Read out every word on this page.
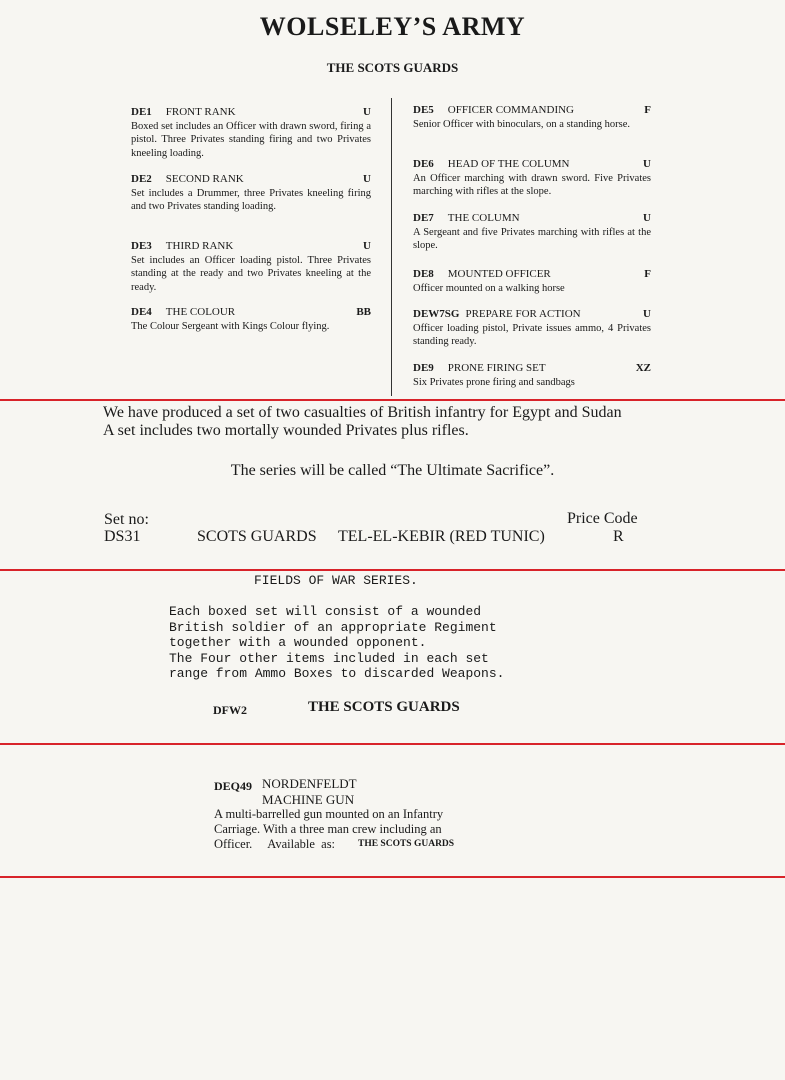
WOLSELEY’S ARMY
THE SCOTS GUARDS
DE1 FRONT RANK	U
Boxed set includes an Officer with drawn sword, firing a pistol. Three Privates standing firing and two Privates kneeling loading.
DE2 SECOND RANK	U
Set includes a Drummer, three Privates kneeling firing and two Privates standing loading.
DE3 THIRD RANK	U
Set includes an Officer loading pistol. Three Privates standing at the ready and two Privates kneeling at the ready.
DE4 THE COLOUR	BB
The Colour Sergeant with Kings Colour flying.
DE5 OFFICER COMMANDING	F
Senior Officer with binoculars, on a standing horse.
DE6 HEAD OF THE COLUMN	U
An Officer marching with drawn sword. Five Privates marching with rifles at the slope.
DE7 THE COLUMN	U
A Sergeant and five Privates marching with rifles at the slope.
DE8 MOUNTED OFFICER	F
Officer mounted on a walking horse
DEW7SG PREPARE FOR ACTION	U
Officer loading pistol, Private issues ammo, 4 Privates standing ready.
DE9 PRONE FIRING SET	XZ
Six Privates prone firing and sandbags
We have produced a set of two casualties of British infantry for Egypt and Sudan
A set includes two mortally wounded Privates plus rifles.
The series will be called “The Ultimate Sacrifice”.
Set no:	Price Code
DS31	SCOTS GUARDS TEL-EL-KEBIR (RED TUNIC)	R
FIELDS OF WAR SERIES.
Each boxed set will consist of a wounded
British soldier of an appropriate Regiment
together with a wounded opponent.
The Four other items included in each set
range from Ammo Boxes to discarded Weapons.
DFW2	THE SCOTS GUARDS
DEQ49 NORDENFELDT
MACHINE GUN
A multi-barrelled gun mounted on an Infantry
Carriage. With a three man crew including an
Officer.     Available  as: THE SCOTS GUARDS
